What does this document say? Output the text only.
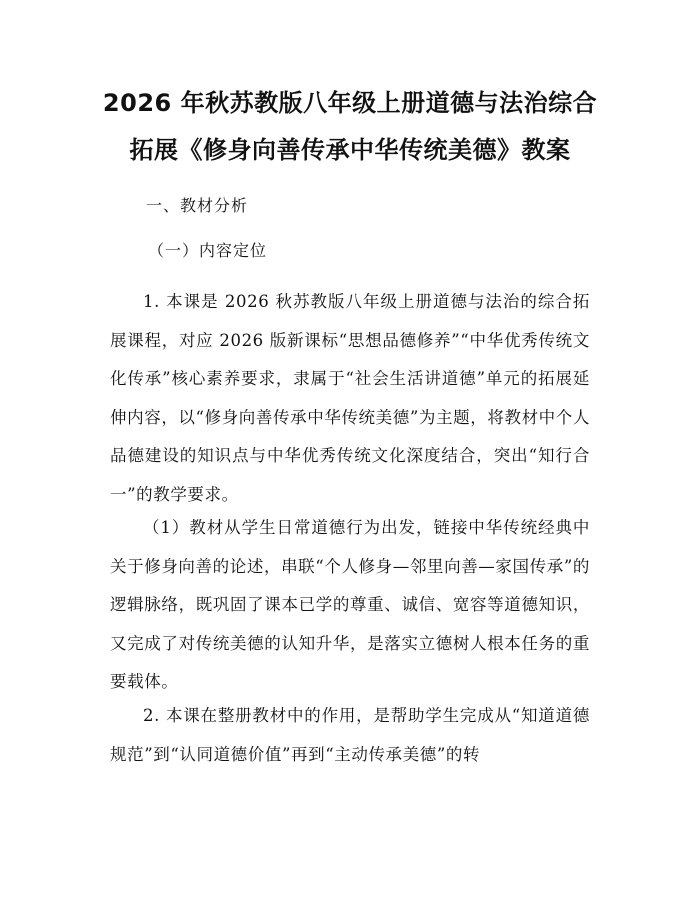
2026 年秋苏教版八年级上册道德与法治综合
拓展《修身向善传承中华传统美德》教案
一、教材分析
（一）内容定位

1. 本课是 2026 秋苏教版八年级上册道德与法治的综合拓展课程，对应 2026 版新课标“思想品德修养”“中华优秀传统文化传承”核心素养要求，隶属于“社会生活讲道德”单元的拓展延伸内容，以“修身向善传承中华传统美德”为主题，将教材中个人品德建设的知识点与中华优秀传统文化深度结合，突出“知行合一”的教学要求。

（1）教材从学生日常道德行为出发，链接中华传统经典中关于修身向善的论述，串联“个人修身—邻里向善—家国传承”的逻辑脉络，既巩固了课本已学的尊重、诚信、宽容等道德知识，又完成了对传统美德的认知升华，是落实立德树人根本任务的重要载体。

2. 本课在整册教材中的作用，是帮助学生完成从“知道道德规范”到“认同道德价值”再到“主动传承美德”的转
